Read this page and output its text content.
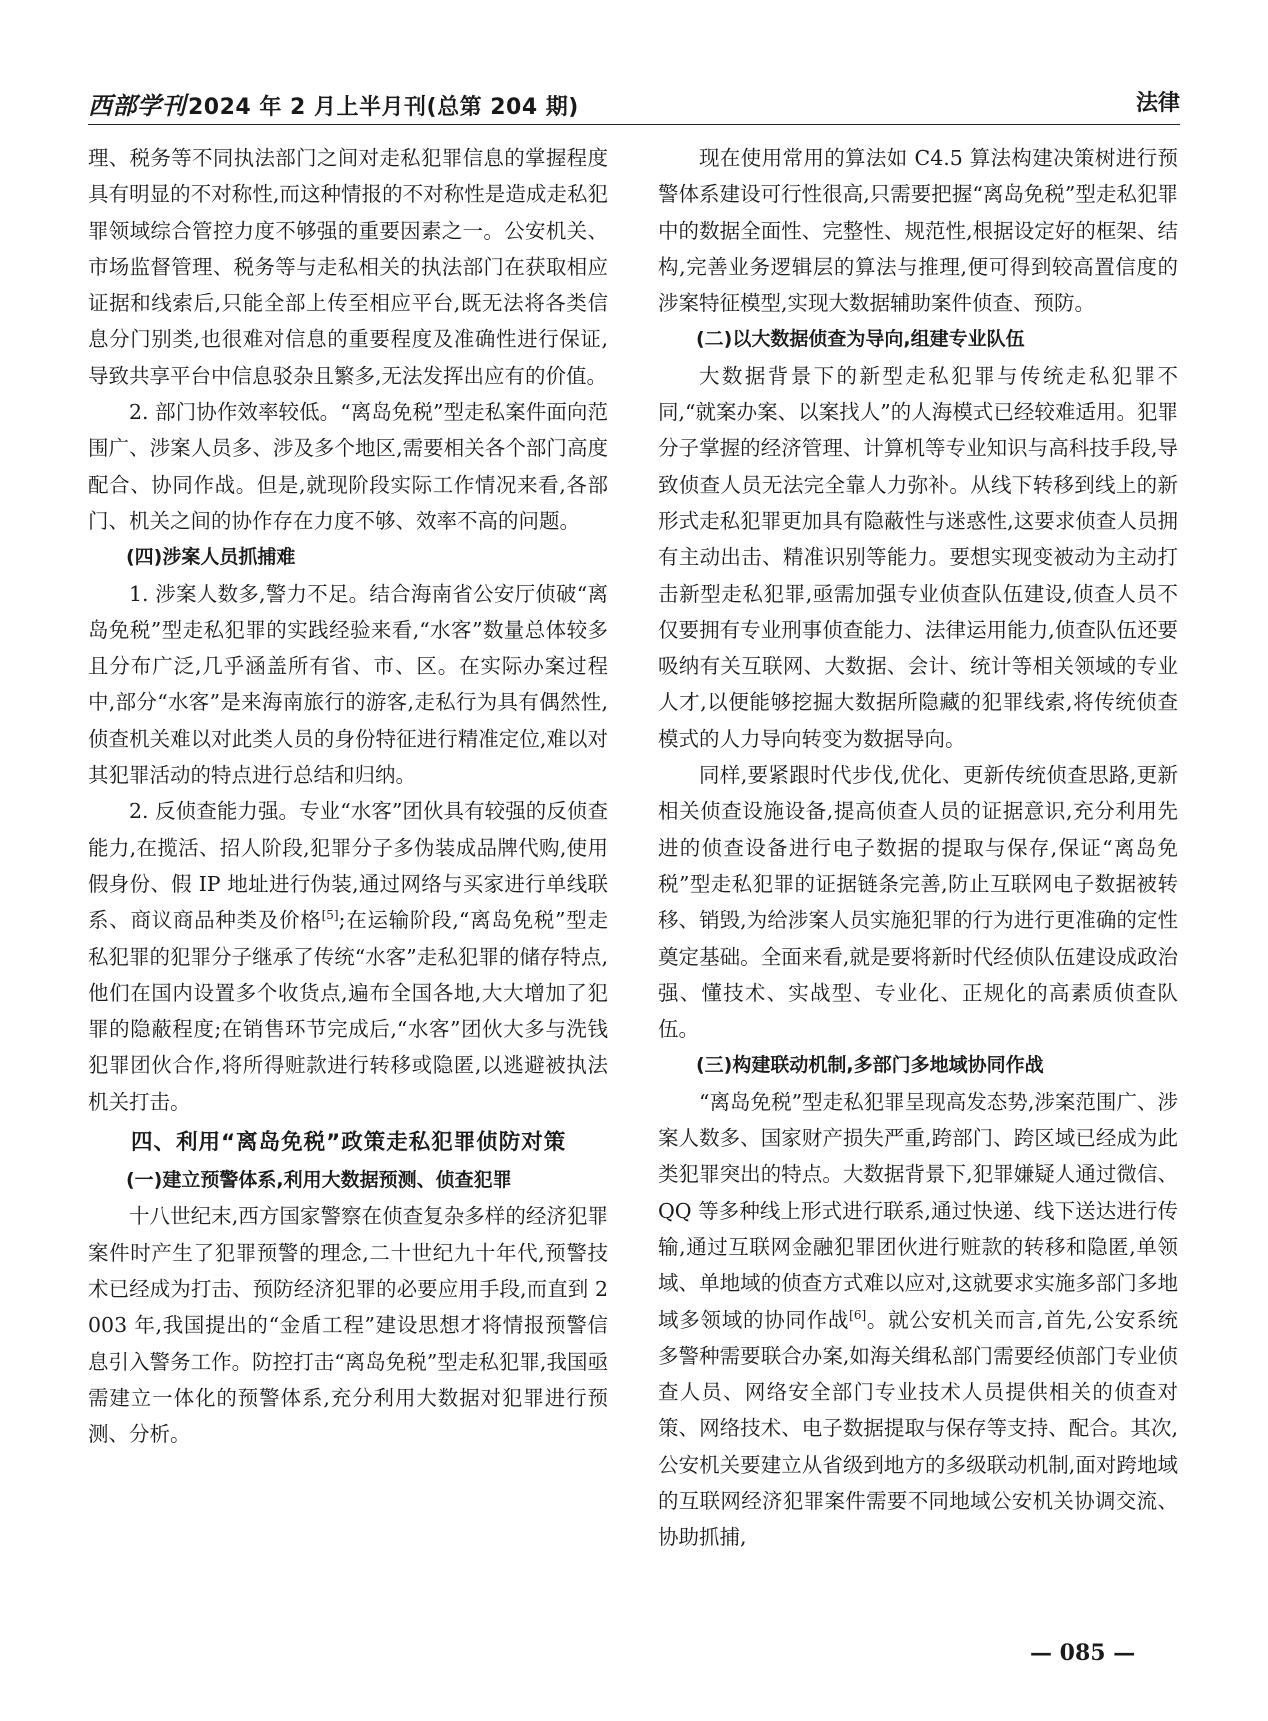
西部学刊2024 年 2 月上半月刊(总第 204 期)	法律

理、税务等不同执法部门之间对走私犯罪信息的掌握程度具有明显的不对称性,而这种情报的不对称性是造成走私犯罪领域综合管控力度不够强的重要因素之一。公安机关、市场监督管理、税务等与走私相关的执法部门在获取相应证据和线索后,只能全部上传至相应平台,既无法将各类信息分门别类,也很难对信息的重要程度及准确性进行保证,导致共享平台中信息驳杂且繁多,无法发挥出应有的价值。

2. 部门协作效率较低。“离岛免税”型走私案件面向范围广、涉案人员多、涉及多个地区,需要相关各个部门高度配合、协同作战。但是,就现阶段实际工作情况来看,各部门、机关之间的协作存在力度不够、效率不高的问题。

(四)涉案人员抓捕难

1. 涉案人数多,警力不足。结合海南省公安厅侦破“离岛免税”型走私犯罪的实践经验来看,“水客”数量总体较多且分布广泛,几乎涵盖所有省、市、区。在实际办案过程中,部分“水客”是来海南旅行的游客,走私行为具有偶然性,侦查机关难以对此类人员的身份特征进行精准定位,难以对其犯罪活动的特点进行总结和归纳。

2. 反侦查能力强。专业“水客”团伙具有较强的反侦查能力,在揽活、招人阶段,犯罪分子多伪装成品牌代购,使用假身份、假 IP 地址进行伪装,通过网络与买家进行单线联系、商议商品种类及价格[5];在运输阶段,“离岛免税”型走私犯罪的犯罪分子继承了传统“水客”走私犯罪的储存特点,他们在国内设置多个收货点,遍布全国各地,大大增加了犯罪的隐蔽程度;在销售环节完成后,“水客”团伙大多与洗钱犯罪团伙合作,将所得赃款进行转移或隐匿,以逃避被执法机关打击。

四、利用“离岛免税”政策走私犯罪侦防对策
(一)建立预警体系,利用大数据预测、侦查犯罪

十八世纪末,西方国家警察在侦查复杂多样的经济犯罪案件时产生了犯罪预警的理念,二十世纪九十年代,预警技术已经成为打击、预防经济犯罪的必要应用手段,而直到 2003 年,我国提出的“金盾工程”建设思想才将情报预警信息引入警务工作。防控打击“离岛免税”型走私犯罪,我国亟需建立一体化的预警体系,充分利用大数据对犯罪进行预测、分析。

现在使用常用的算法如 C4.5 算法构建决策树进行预警体系建设可行性很高,只需要把握“离岛免税”型走私犯罪中的数据全面性、完整性、规范性,根据设定好的框架、结构,完善业务逻辑层的算法与推理,便可得到较高置信度的涉案特征模型,实现大数据辅助案件侦查、预防。

(二)以大数据侦查为导向,组建专业队伍

大数据背景下的新型走私犯罪与传统走私犯罪不同,“就案办案、以案找人”的人海模式已经较难适用。犯罪分子掌握的经济管理、计算机等专业知识与高科技手段,导致侦查人员无法完全靠人力弥补。从线下转移到线上的新形式走私犯罪更加具有隐蔽性与迷惑性,这要求侦查人员拥有主动出击、精准识别等能力。要想实现变被动为主动打击新型走私犯罪,亟需加强专业侦查队伍建设,侦查人员不仅要拥有专业刑事侦查能力、法律运用能力,侦查队伍还要吸纳有关互联网、大数据、会计、统计等相关领域的专业人才,以便能够挖掘大数据所隐藏的犯罪线索,将传统侦查模式的人力导向转变为数据导向。

同样,要紧跟时代步伐,优化、更新传统侦查思路,更新相关侦查设施设备,提高侦查人员的证据意识,充分利用先进的侦查设备进行电子数据的提取与保存,保证“离岛免税”型走私犯罪的证据链条完善,防止互联网电子数据被转移、销毁,为给涉案人员实施犯罪的行为进行更准确的定性奠定基础。全面来看,就是要将新时代经侦队伍建设成政治强、懂技术、实战型、专业化、正规化的高素质侦查队伍。

(三)构建联动机制,多部门多地域协同作战

“离岛免税”型走私犯罪呈现高发态势,涉案范围广、涉案人数多、国家财产损失严重,跨部门、跨区域已经成为此类犯罪突出的特点。大数据背景下,犯罪嫌疑人通过微信、QQ 等多种线上形式进行联系,通过快递、线下送达进行传输,通过互联网金融犯罪团伙进行赃款的转移和隐匿,单领域、单地域的侦查方式难以应对,这就要求实施多部门多地域多领域的协同作战[6]。就公安机关而言,首先,公安系统多警种需要联合办案,如海关缉私部门需要经侦部门专业侦查人员、网络安全部门专业技术人员提供相关的侦查对策、网络技术、电子数据提取与保存等支持、配合。其次,公安机关要建立从省级到地方的多级联动机制,面对跨地域的互联网经济犯罪案件需要不同地域公安机关协调交流、协助抓捕,

— 085 —
